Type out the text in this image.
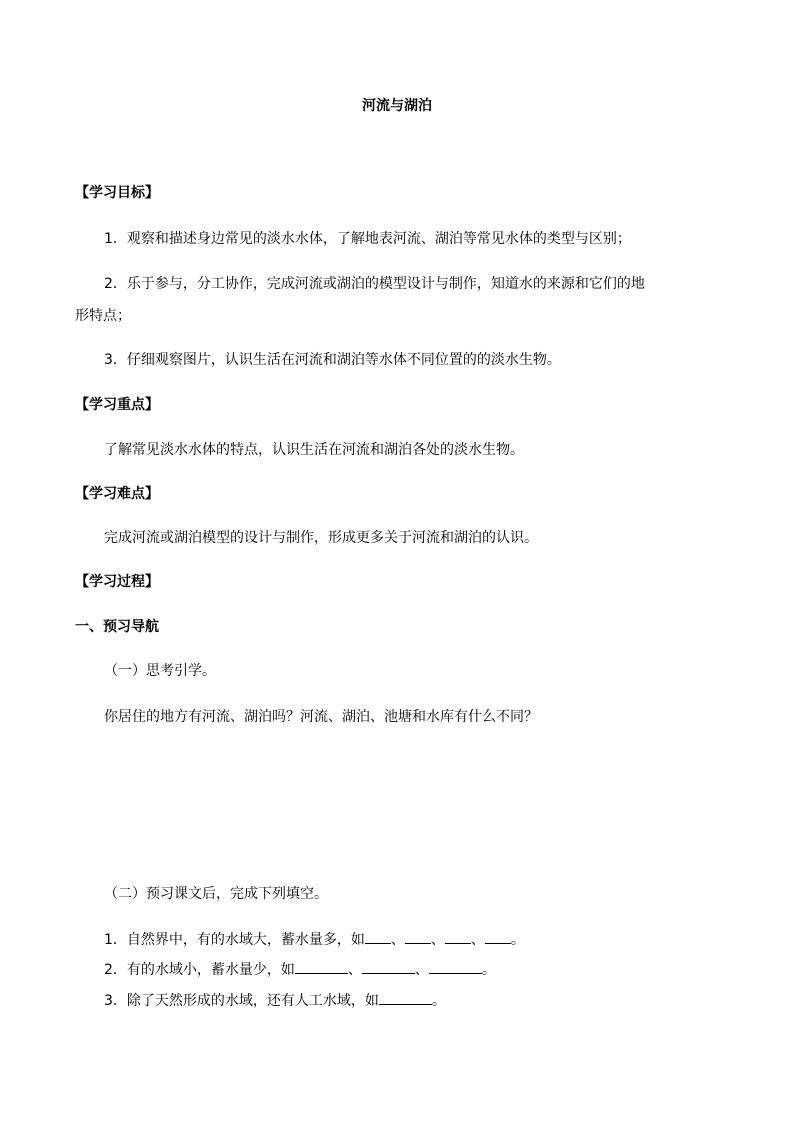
河流与湖泊
【学习目标】
1．观察和描述身边常见的淡水水体，了解地表河流、湖泊等常见水体的类型与区别；
2．乐于参与，分工协作，完成河流或湖泊的模型设计与制作，知道水的来源和它们的地
形特点；
3．仔细观察图片，认识生活在河流和湖泊等水体不同位置的的淡水生物。
【学习重点】
了解常见淡水水体的特点，认识生活在河流和湖泊各处的淡水生物。
【学习难点】
完成河流或湖泊模型的设计与制作，形成更多关于河流和湖泊的认识。
【学习过程】
一、预习导航
（一）思考引学。
你居住的地方有河流、湖泊吗？河流、湖泊、池塘和水库有什么不同？
（二）预习课文后，完成下列填空。
1．自然界中，有的水域大，蓄水量多，如 、 、 、 。
2．有的水域小，蓄水量少，如	、	、	。
3．除了天然形成的水域，还有人工水域，如	。
